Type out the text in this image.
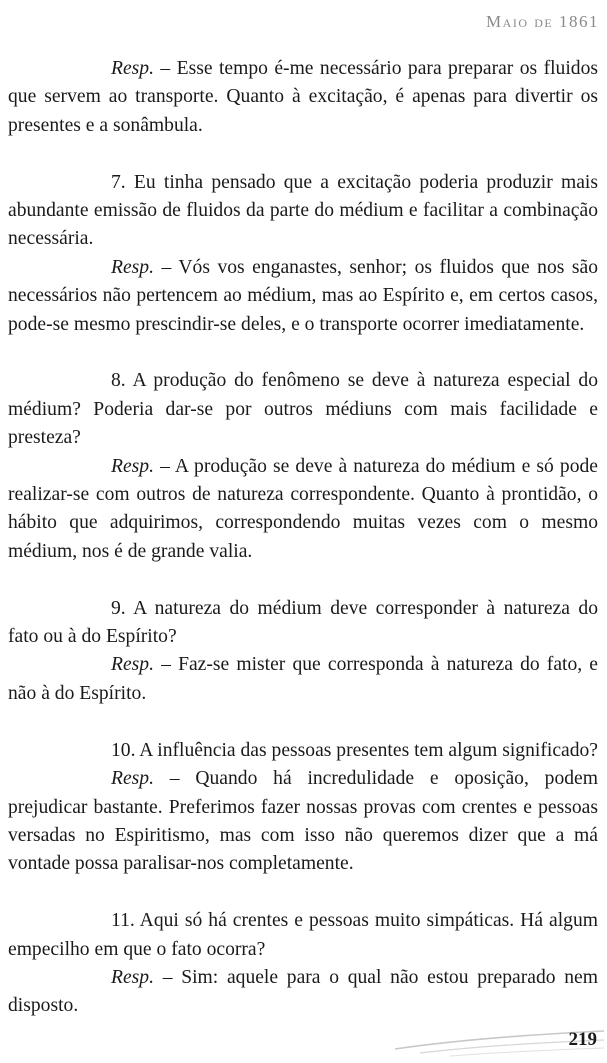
Maio de 1861

Resp. – Esse tempo é-me necessário para preparar os fluidos que servem ao transporte. Quanto à excitação, é apenas para divertir os presentes e a sonâmbula.

7. Eu tinha pensado que a excitação poderia produzir mais abundante emissão de fluidos da parte do médium e facilitar a combinação necessária.

Resp. – Vós vos enganastes, senhor; os fluidos que nos são necessários não pertencem ao médium, mas ao Espírito e, em certos casos, pode-se mesmo prescindir-se deles, e o transporte ocorrer imediatamente.

8. A produção do fenômeno se deve à natureza especial do médium? Poderia dar-se por outros médiuns com mais facilidade e presteza?

Resp. – A produção se deve à natureza do médium e só pode realizar-se com outros de natureza correspondente. Quanto à prontidão, o hábito que adquirimos, correspondendo muitas vezes com o mesmo médium, nos é de grande valia.

9. A natureza do médium deve corresponder à natureza do fato ou à do Espírito?

Resp. – Faz-se mister que corresponda à natureza do fato, e não à do Espírito.

10. A influência das pessoas presentes tem algum significado?

Resp. – Quando há incredulidade e oposição, podem prejudicar bastante. Preferimos fazer nossas provas com crentes e pessoas versadas no Espiritismo, mas com isso não queremos dizer que a má vontade possa paralisar-nos completamente.

11. Aqui só há crentes e pessoas muito simpáticas. Há algum empecilho em que o fato ocorra?

Resp. – Sim: aquele para o qual não estou preparado nem disposto.

219
